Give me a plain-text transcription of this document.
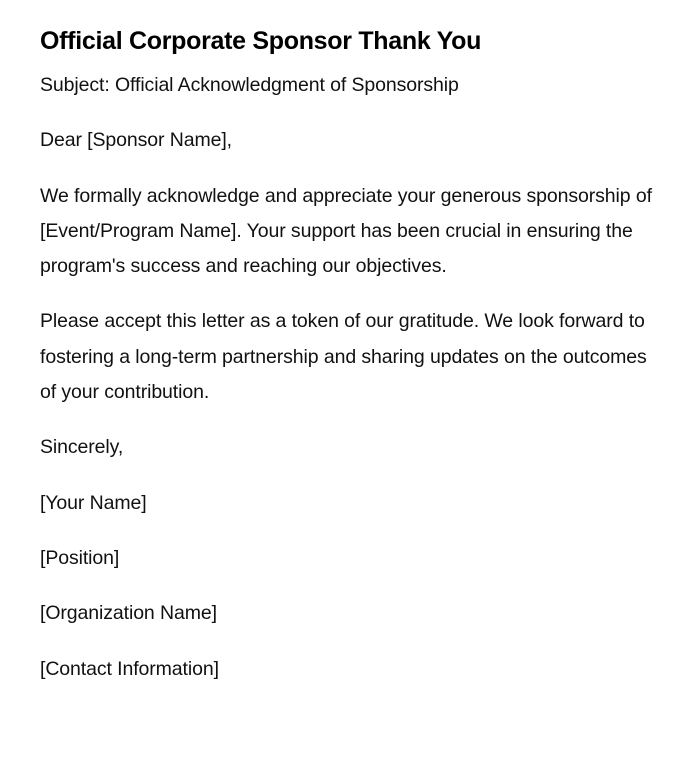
Official Corporate Sponsor Thank You

Subject: Official Acknowledgment of Sponsorship

Dear [Sponsor Name],

We formally acknowledge and appreciate your generous sponsorship of [Event/Program Name]. Your support has been crucial in ensuring the program's success and reaching our objectives.

Please accept this letter as a token of our gratitude. We look forward to fostering a long-term partnership and sharing updates on the outcomes of your contribution.

Sincerely,

[Your Name]

[Position]

[Organization Name]

[Contact Information]
